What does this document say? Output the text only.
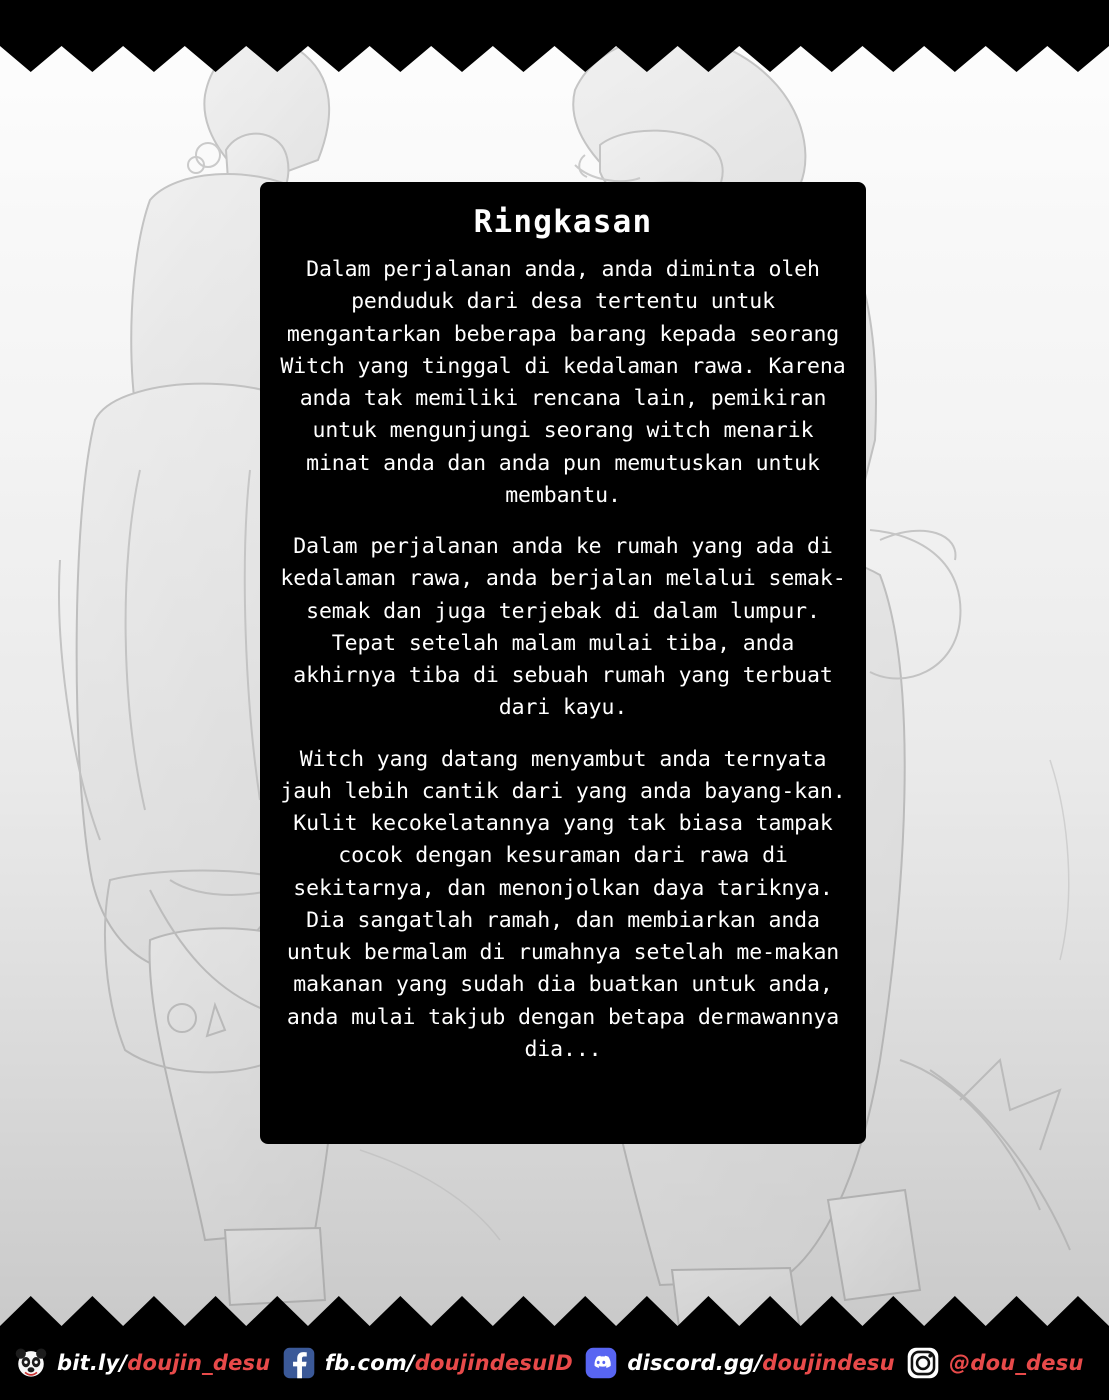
Ringkasan

Dalam perjalanan anda, anda diminta oleh penduduk dari desa tertentu untuk mengantarkan beberapa barang kepada seorang Witch yang tinggal di kedalaman rawa. Karena anda tak memiliki rencana lain, pemikiran untuk mengunjungi seorang witch menarik minat anda dan anda pun memutuskan untuk membantu.

Dalam perjalanan anda ke rumah yang ada di kedalaman rawa, anda berjalan melalui semak-semak dan juga terjebak di dalam lumpur. Tepat setelah malam mulai tiba, anda akhirnya tiba di sebuah rumah yang terbuat dari kayu.

Witch yang datang menyambut anda ternyata jauh lebih cantik dari yang anda bayang-kan. Kulit kecokelatannya yang tak biasa tampak cocok dengan kesuraman dari rawa di sekitarnya, dan menonjolkan daya tariknya.

Dia sangatlah ramah, dan membiarkan anda untuk bermalam di rumahnya setelah me-makan makanan yang sudah dia buatkan untuk anda, anda mulai takjub dengan betapa dermawannya dia...

bit.ly/doujin_desu	fb.com/doujindesuID	discord.gg/doujindesu	@dou_desu
